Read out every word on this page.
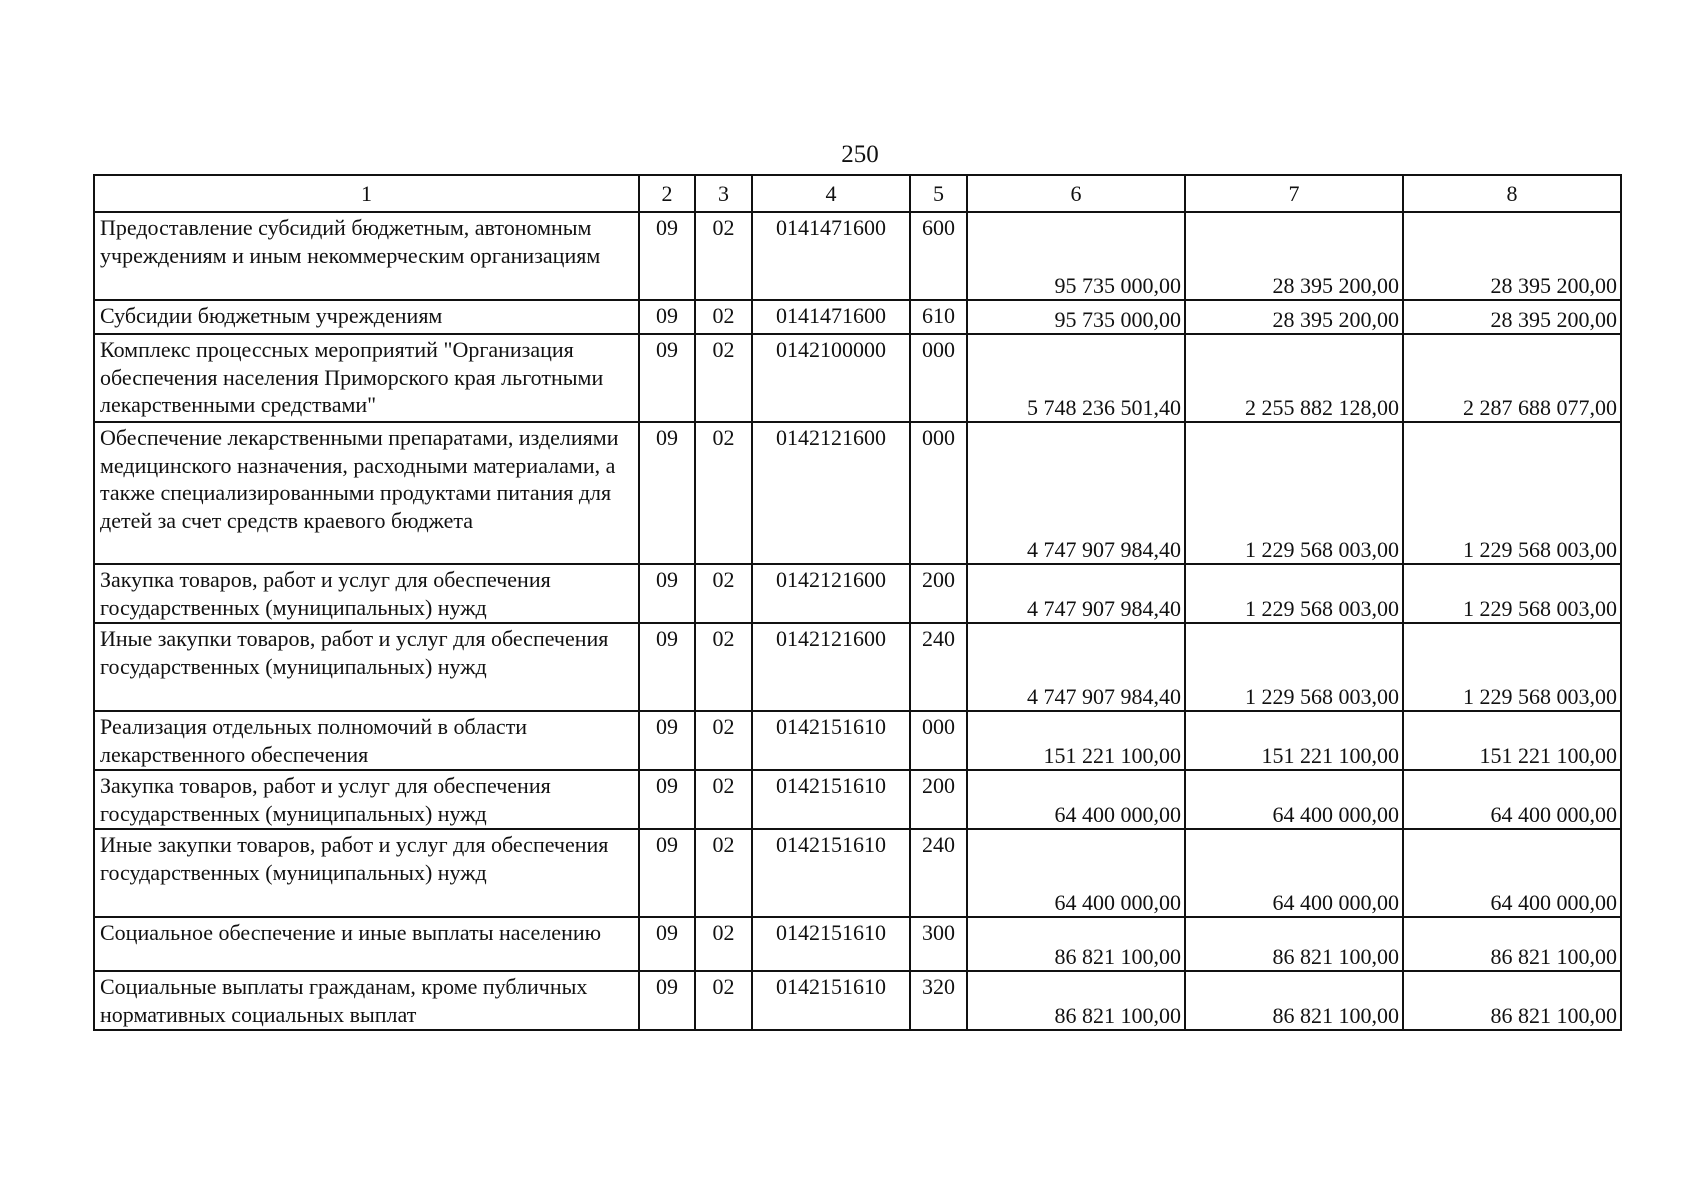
250
1	2	3	4	5	6	7	8
Предоставление субсидий бюджетным, автономным учреждениям и иным некоммерческим организациям	09	02	0141471600	600	95 735 000,00	28 395 200,00	28 395 200,00
Субсидии бюджетным учреждениям	09	02	0141471600	610	95 735 000,00	28 395 200,00	28 395 200,00
Комплекс процессных мероприятий "Организация обеспечения населения Приморского края льготными лекарственными средствами"	09	02	0142100000	000	5 748 236 501,40	2 255 882 128,00	2 287 688 077,00
Обеспечение лекарственными препаратами, изделиями медицинского назначения, расходными материалами, а также специализированными продуктами питания для детей за счет средств краевого бюджета	09	02	0142121600	000	4 747 907 984,40	1 229 568 003,00	1 229 568 003,00
Закупка товаров, работ и услуг для обеспечения государственных (муниципальных) нужд	09	02	0142121600	200	4 747 907 984,40	1 229 568 003,00	1 229 568 003,00
Иные закупки товаров, работ и услуг для обеспечения государственных (муниципальных) нужд	09	02	0142121600	240	4 747 907 984,40	1 229 568 003,00	1 229 568 003,00
Реализация отдельных полномочий в области лекарственного обеспечения	09	02	0142151610	000	151 221 100,00	151 221 100,00	151 221 100,00
Закупка товаров, работ и услуг для обеспечения государственных (муниципальных) нужд	09	02	0142151610	200	64 400 000,00	64 400 000,00	64 400 000,00
Иные закупки товаров, работ и услуг для обеспечения государственных (муниципальных) нужд	09	02	0142151610	240	64 400 000,00	64 400 000,00	64 400 000,00
Социальное обеспечение и иные выплаты населению	09	02	0142151610	300	86 821 100,00	86 821 100,00	86 821 100,00
Социальные выплаты гражданам, кроме публичных нормативных социальных выплат	09	02	0142151610	320	86 821 100,00	86 821 100,00	86 821 100,00
